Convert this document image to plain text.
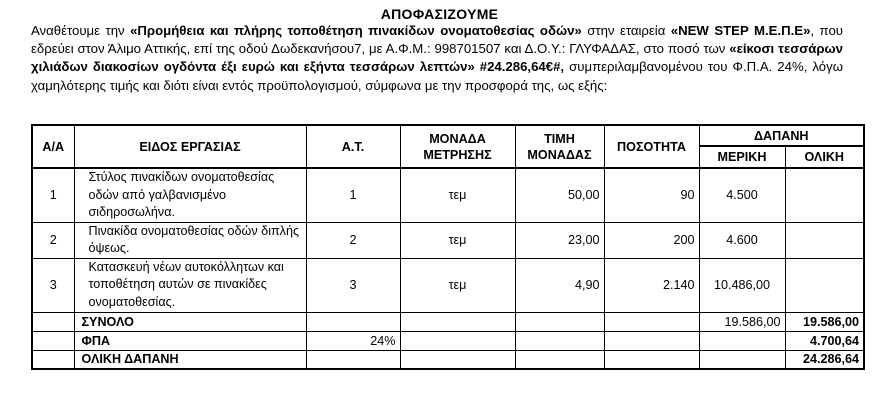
ΑΠΟΦΑΣΙΖΟΥΜΕ
Αναθέτουμε την «Προμήθεια και πλήρης τοποθέτηση πινακίδων ονοματοθεσίας οδών» στην εταιρεία «NEW STEP Μ.Ε.Π.Ε», που εδρεύει στον Άλιμο Αττικής, επί της οδού Δωδεκανήσου7, με Α.Φ.Μ.: 998701507 και Δ.Ο.Υ.: ΓΛΥΦΑΔΑΣ, στο ποσό των «είκοσι τεσσάρων χιλιάδων διακοσίων ογδόντα έξι ευρώ και εξήντα τεσσάρων λεπτών» #24.286,64€#, συμπεριλαμβανομένου του Φ.Π.Α. 24%, λόγω χαμηλότερης τιμής και διότι είναι εντός προϋπολογισμού, σύμφωνα με την προσφορά της, ως εξής:
Α/Α	ΕΙΔΟΣ ΕΡΓΑΣΙΑΣ	Α.Τ.	ΜΟΝΑΔΑ ΜΕΤΡΗΣΗΣ	ΤΙΜΗ ΜΟΝΑΔΑΣ	ΠΟΣΟΤΗΤΑ	ΔΑΠΑΝΗ	
						ΜΕΡΙΚΗ	ΟΛΙΚΗ
1	Στύλος πινακίδων ονοματοθεσίας οδών από γαλβανισμένο σιδηροσωλήνα.	1	τεμ	50,00	90	4.500	
2	Πινακίδα ονοματοθεσίας οδών διπλής όψεως.	2	τεμ	23,00	200	4.600	
3	Κατασκευή νέων αυτοκόλλητων και τοποθέτηση αυτών σε πινακίδες ονοματοθεσίας.	3	τεμ	4,90	2.140	10.486,00	
	ΣΥΝΟΛΟ					19.586,00	19.586,00
	ΦΠΑ	24%					4.700,64
	ΟΛΙΚΗ ΔΑΠΑΝΗ						24.286,64
